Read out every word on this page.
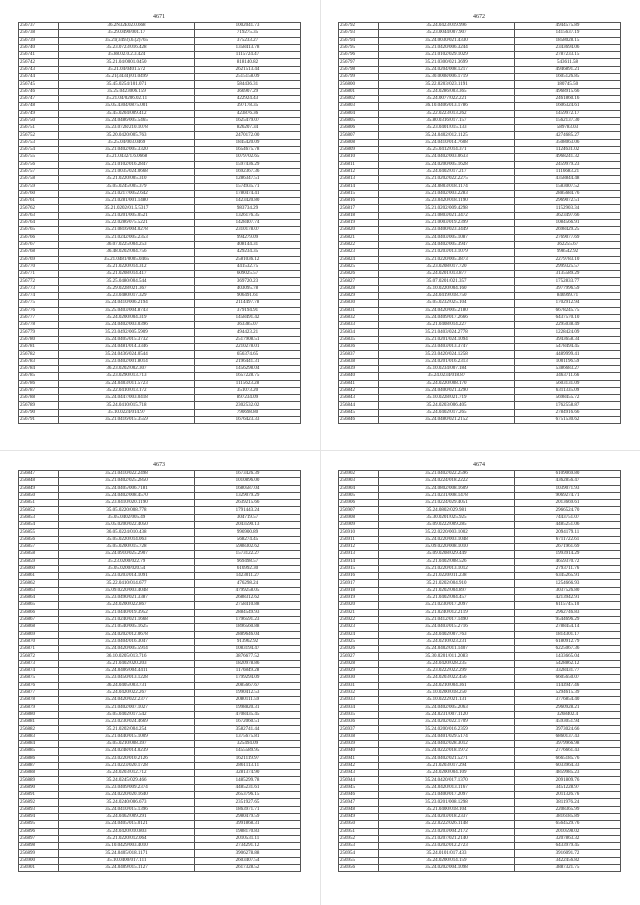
4671
256737	36.2N32E02.0.668	1002041.73
256738	35.29.0490/001.17	719275.35
256739	35.21(3493).6.(2)765	375233.27
256740	35.23.0723/016.428	1358413.78
256741	35.88.02.0.2.3.424	1115724.47
256742	35.21.04/0001.0450	818140.82
256743	35.21.04/0401.572	2621513.44
256744	35.21(3434)/01.0499	2515158.09
256745	35.45.0254/101.071	584436.31
256746	35.25.0423006.159	366907.29
256747	35.21.04/0206.02.11	422924.43
256748	35.05.4304/0875.001	397178.35
256749	35.45.0204/009.412	423876.36
256750	35.24.0486/005.5465	1625479.07
256751	35.23.0728/210.1078	826207.34
256752	35.20.0420/005.763	2470172.00
256753	35.25.04/003.0469	1845420.09
256754	35.21.0402/005.3320	1654675.78
256755	35.21.0432/1.6.0668	1079702.65
256756	35.21.0102/016.2847	1597436.29
256757	35.21.0035/024.0668	1692367.36
256758	35.21.0220/005.310	1286347.51
256759	35.05.0245/005.379	1574935.71
256760	35.21.0217/0052.642	1780474.41
256761	35.21.0281/001.1480	1423420.80
256762	35.21.0202/01.5.5317	983734.29
256763	35.21.0201/005.0521	1326176.35
256764	35.22.0286/075.5221	1428407.74
256765	35.21.0816/004.0278	2310178.07
256766	35.21.0242/005.2353	994279.09
256767	36.07.0225/004.253	408144.31
256768	36.48.0202/004.756	429234.35
256769	35.21.0481/0005.0465	2581036.12
256770	35.21.0220/014.312	441532.75
256771	35.21.0208/014.417	609025.57
256772	35.25.0480/004.544	369720.23
256773	35.29.0228/021.367	403095.78
256774	35.23.0480/017.329	906491.61
256775	35.24.0410/006.2194	2114497.78
256776	35.25.0403/004.8743	379194.91
256777	35.24.0200/004.319	1458491.42
256778	35.24.0402/003.0396	363385.07
256779	35.23.0492/005.5909	494423.21
256780	35.24.0405/015.3732	2517908.51
256781	35.24.0481/014.3346	2210278.01
256782	35.24.0436/024.0544	656374.65
256783	35.23.0402/001.8014	2196441.31
256784	36.23.0202/002.307	1456298.04
256785	35.23.0290/013.713	1657228.75
256786	35.24.0403/011.5723	1115623.28
256787	35.22.0410/013.172	351073.20
256788	35.24.0447/003.0418	897234.09
256789	35.24.0410/015.718	2302532.02
256790	35.10.0224/014.97	790698.80
256791	35.21.0416/015.3559	1676423.33
4672
256792	35.24.0423/019.996	4944575.89
256793	35.23.0044/007.907	1415637.19
256794	35.24.0030/021.4330	1858028.15
256795	35.21.0420/006.3244	2343694.06
256796	35.21.0102/029.1029	2787233.15
256797	35.21.0300/021.3699	543611.58
256798	35.24.0204/008.1217	4946891.21
256799	35.30.0008/006.1719	1605126.85
256800	35.22.0203/023.1191	180745.50
256801	35.24.0286/003.365	4968915.66
256802	35.24.0077/022.221	2461860.16
256803	36.10.0406/013.1786	1606324.61
256804	35.22.0223/013.262	1459972.17
256805	35.80.0316/017.157	1562137.30
256806	35.23.0401/015.133	589783.03
256807	35.24.0402/012.1125	4274685.27
256808	35.24.0410/014.7608	3508063.06
256809	35.25.0412/014.371	1124631.02
256810	35.24.0402/003.0633	4968241.32
256811	35.24.0200/005.1628	2459979.23
256812	35.24.0402/017.217	1116683.21
256813	35.21.0202/022.2275	4358844.48
256814	35.24.0803/018.1174	1583007.52
256815	35.21.0402/003.2283	2885684.76
256816	35.23.0420/018.1190	2969072.51
256817	35.21.0202/009.4298	1152903.34
256818	35.21.0803/021.3472	3623497.66
256819	35.21.0003/019.2399	1084566.91
256820	35.23.0400/023.3449	2698429.25
256821	35.24.0403/005.1087	2769077.69
256822	35.24.0402/005.3947	362255.67
256823	35.21.0203/013.1079	998542.92
256824	35.21.0220/005.3873	2279783.10
256825	35.23.0208/017.720	2999325.57
256826	35.24.0201/013.877	3135589.29
256827	35.07.0201/021.357	1752833.77
256828	35.10.0220/004.160	3977996.59
256829	35.24.0419/018.750	846999.71
256830	35.05.0232/025.104	1702912.94
256831	35.24.0420/005.2180	6678245.75
256832	35.24.0409/017.2666	6437570.10
256833	35.21.0408/014.227	2295038.49
256834	35.21.0403/024.2778	1228424.09
256835	35.21.0201/024.1094	3943658.34
256836	35.23.0403/013.3747	5478494.45
256837	35.23.0420/024.1258	4489999.41
256838	35.24.0201/016.2313	1001196.59
256839	35.10.0234/007.184	5386683.27
256840	35.24.0234/018.87	3463711.66
256841	35.24.0220/008.170	5603131.09
256842	35.24.0400/021.3290	6311335.09
256843	35.10.0228/021.719	5698455.72
256844	35.24.0203/006.405	1762558.87
256845	35.24.0402/017.265	2784916.66
256846	35.24.0480/021.2152	6751530.62
4673
256847	35.21.0410/022.2498	1673426.39
256848	35.21.0402/025.2850	1010896.00
256849	35.24.0405/006.7181	1680587.04
256850	35.24.0402/008.4570	1329079.29
256851	35.23.0410/020.1190	2639215.66
256852	35.05.0220/008.778	1791443.24
256853	35.05.0402/005.49	304719.57
256854	35.05.0200/022.4050	2043590.13
256855	36.05.0224/010.438	996900.89
256856	35.05.0220/014.063	568274.45
256857	35.05.0200/015.728	5988302.62
256858	35.24.0910/025.2907	1573122.27
256859	35.23.0200/022.79	969498.57
256860	35.05.0200/020.54	616992.30
256861	35.23.0203/014.1091	1423011.27
256862	35.22.0410/014.677	476298.24
256863	35.09.0220/003.4048	4799258.05
256864	35.23.0490/021.3387	2688312.62
256865	35.24.0200/022.867	2758410.88
256866	35.21.0440/019.3952	2884549.93
256867	35.21.0240/021.1668	1796591.23
256868	35.21.0540/005.1625	1896560.88
256869	35.24.0202/012.0678	2889646.04
256870	35.23.0404/016.3047	913962.92
256871	35.24.0420/005.5914	1083194.47
256872	36.10.0205/013.716	3876677.52
256873	35.21.0402/020.203	1820978.86
256874	35.24.0406/004.4411	1176849.28
256875	35.23.0450/013.1228	1799294.09
256876	36.24.0405/003.731	2085667.67
256877	35.24.0420/022.267	1990412.53
256878	35.24.0420/022.2377	2080111.59
256879	35.21.0402/007.1027	1998820.31
256880	35.05.0402/017.542	4708435.45
256881	35.23.0230/024.4669	1672060.51
256882	35.21.0202/004.254	3582741.44
256883	35.21.0440/015.1009	1375675.81
256884	35.05.0210/008.397	325494.09
256885	35.24.0248/014.0239	1455589.95
256886	35.23.0220/010.2126	1621119.97
256887	35.21.0223/020.1728	2861113.11
256888	35.24.0203/012.712	3281374.90
256889	35.24.0245/029.466	1485299.78
256890	35.23.0409/009.2374	4485231.61
256891	35.24.0220/020.1640	2653796.15
256892	35.24.0240/006.673	2351927.65
256893	35.24.0410/015.1396	1863971.71
256894	35.24.0462/009.291	2980479.59
256895	35.24.0405/015.0121	3991868.31
256896	35.24.0420/010.803	1988170.83
256897	35.21.0220/012.064	2010531.11
256898	35.10.0429/003.4010	2734291.12
256899	35.24.0405/018.1171	3906278.88
256900	35.10.0400/017.111	2603407.54
256901	35.24.0409/015.1127	2617328.52
4674
256902	35.21.0402/022.2596	6109069.80
256903	35.24.0224/018.2222	4362856.47
256904	35.24.0802/008.1609	1039071.93
256905	35.21.0231/008.1478	9069274.71
256906	35.21.0224/029.4051	2013669.61
256907	35.24.0802/029.981	2966524.70
256908	35.30.0201/025.925	7443751.07
256909	35.09.0222/009.285	4485251.06
256910	35.22.0220/003.1002	2094179.11
256911	35.24.0220/003.1048	6711722.61
256912	35.09.0220/008.1010	2671961.69
256913	35.09.0208/029.449	1993914.29
256914	35.21.0402/008.526	4659370.72
256915	35.21.0220/013.1012	2793711.76
256916	35.21.0220/011.238	6345265.91
256917	35.21.0202/004.910	1254666.93
256918	35.21.0202/004.897	3037526.80
256919	35.21.0402/004.457	4213942.91
256920	35.21.0230/017.2097	6115745.10
256921	35.21.0240/012.2119	2962746.83
256922	35.21.0412/017.1490	9544696.29
256923	35.24.0403/015.2716	2788454.14
256924	35.24.0402/007.763	1814301.17
256925	35.24.0210/023.231	6180912.79
256926	35.24.0402/011.1407	6225067.36
256927	35.30.0201/011.2083	1433665.04
256928	35.24.0420/028.235	5428862.12
256929	35.23.0222/022.299	3328431.77
256930	35.24.0203/022.456	6605650.07
256931	35.24.0210/004.361	1143947.46
256932	35.10.0200/018.250	5294615.39
256933	35.10.0222/021.131	3776854.40
256934	35.24.0402/005.2063	2960928.21
256935	35.24.0231/007.1120	3268402.4
256936	35.24.0202/022.1709	4593051.94
256937	35.24.0200/016.2359	3973024.66
256938	35.24.0401/029.5174	6860137.43
256939	35.24.0402/028.3012	3979966.98
256940	35.24.0222/018.1972	2776661.43
256941	35.24.0402/021.5271	6665185.76
256942	35.21.0203/017.294	6033964.33
256943	35.24.0200/004.109	4859985.23
256944	35.24.0420/017.1370	2091809.76
256945	35.24.0420/013.1167	3451228.97
256946	35.21.0400/017.2097	2011326.76
256947	35.23.0201/008.1298	3811976.24
256948	35.21.0400/018.104	2208365.99
256949	35.24.0203/018.2337	3816185.89
256950	35.22.0222/026.1148	6564529.76
256951	35.23.0203/004.2172	2010598.02
256952	35.21.0207/021.2140	3207863.32
256953	35.23.0202/012.2723	6433979.45
256954	35.24.0101/017.433	3916091.72
256955	35.24.0200/014.159	3422456.82
256956	35.24.0202/004.1098	3887321.75
